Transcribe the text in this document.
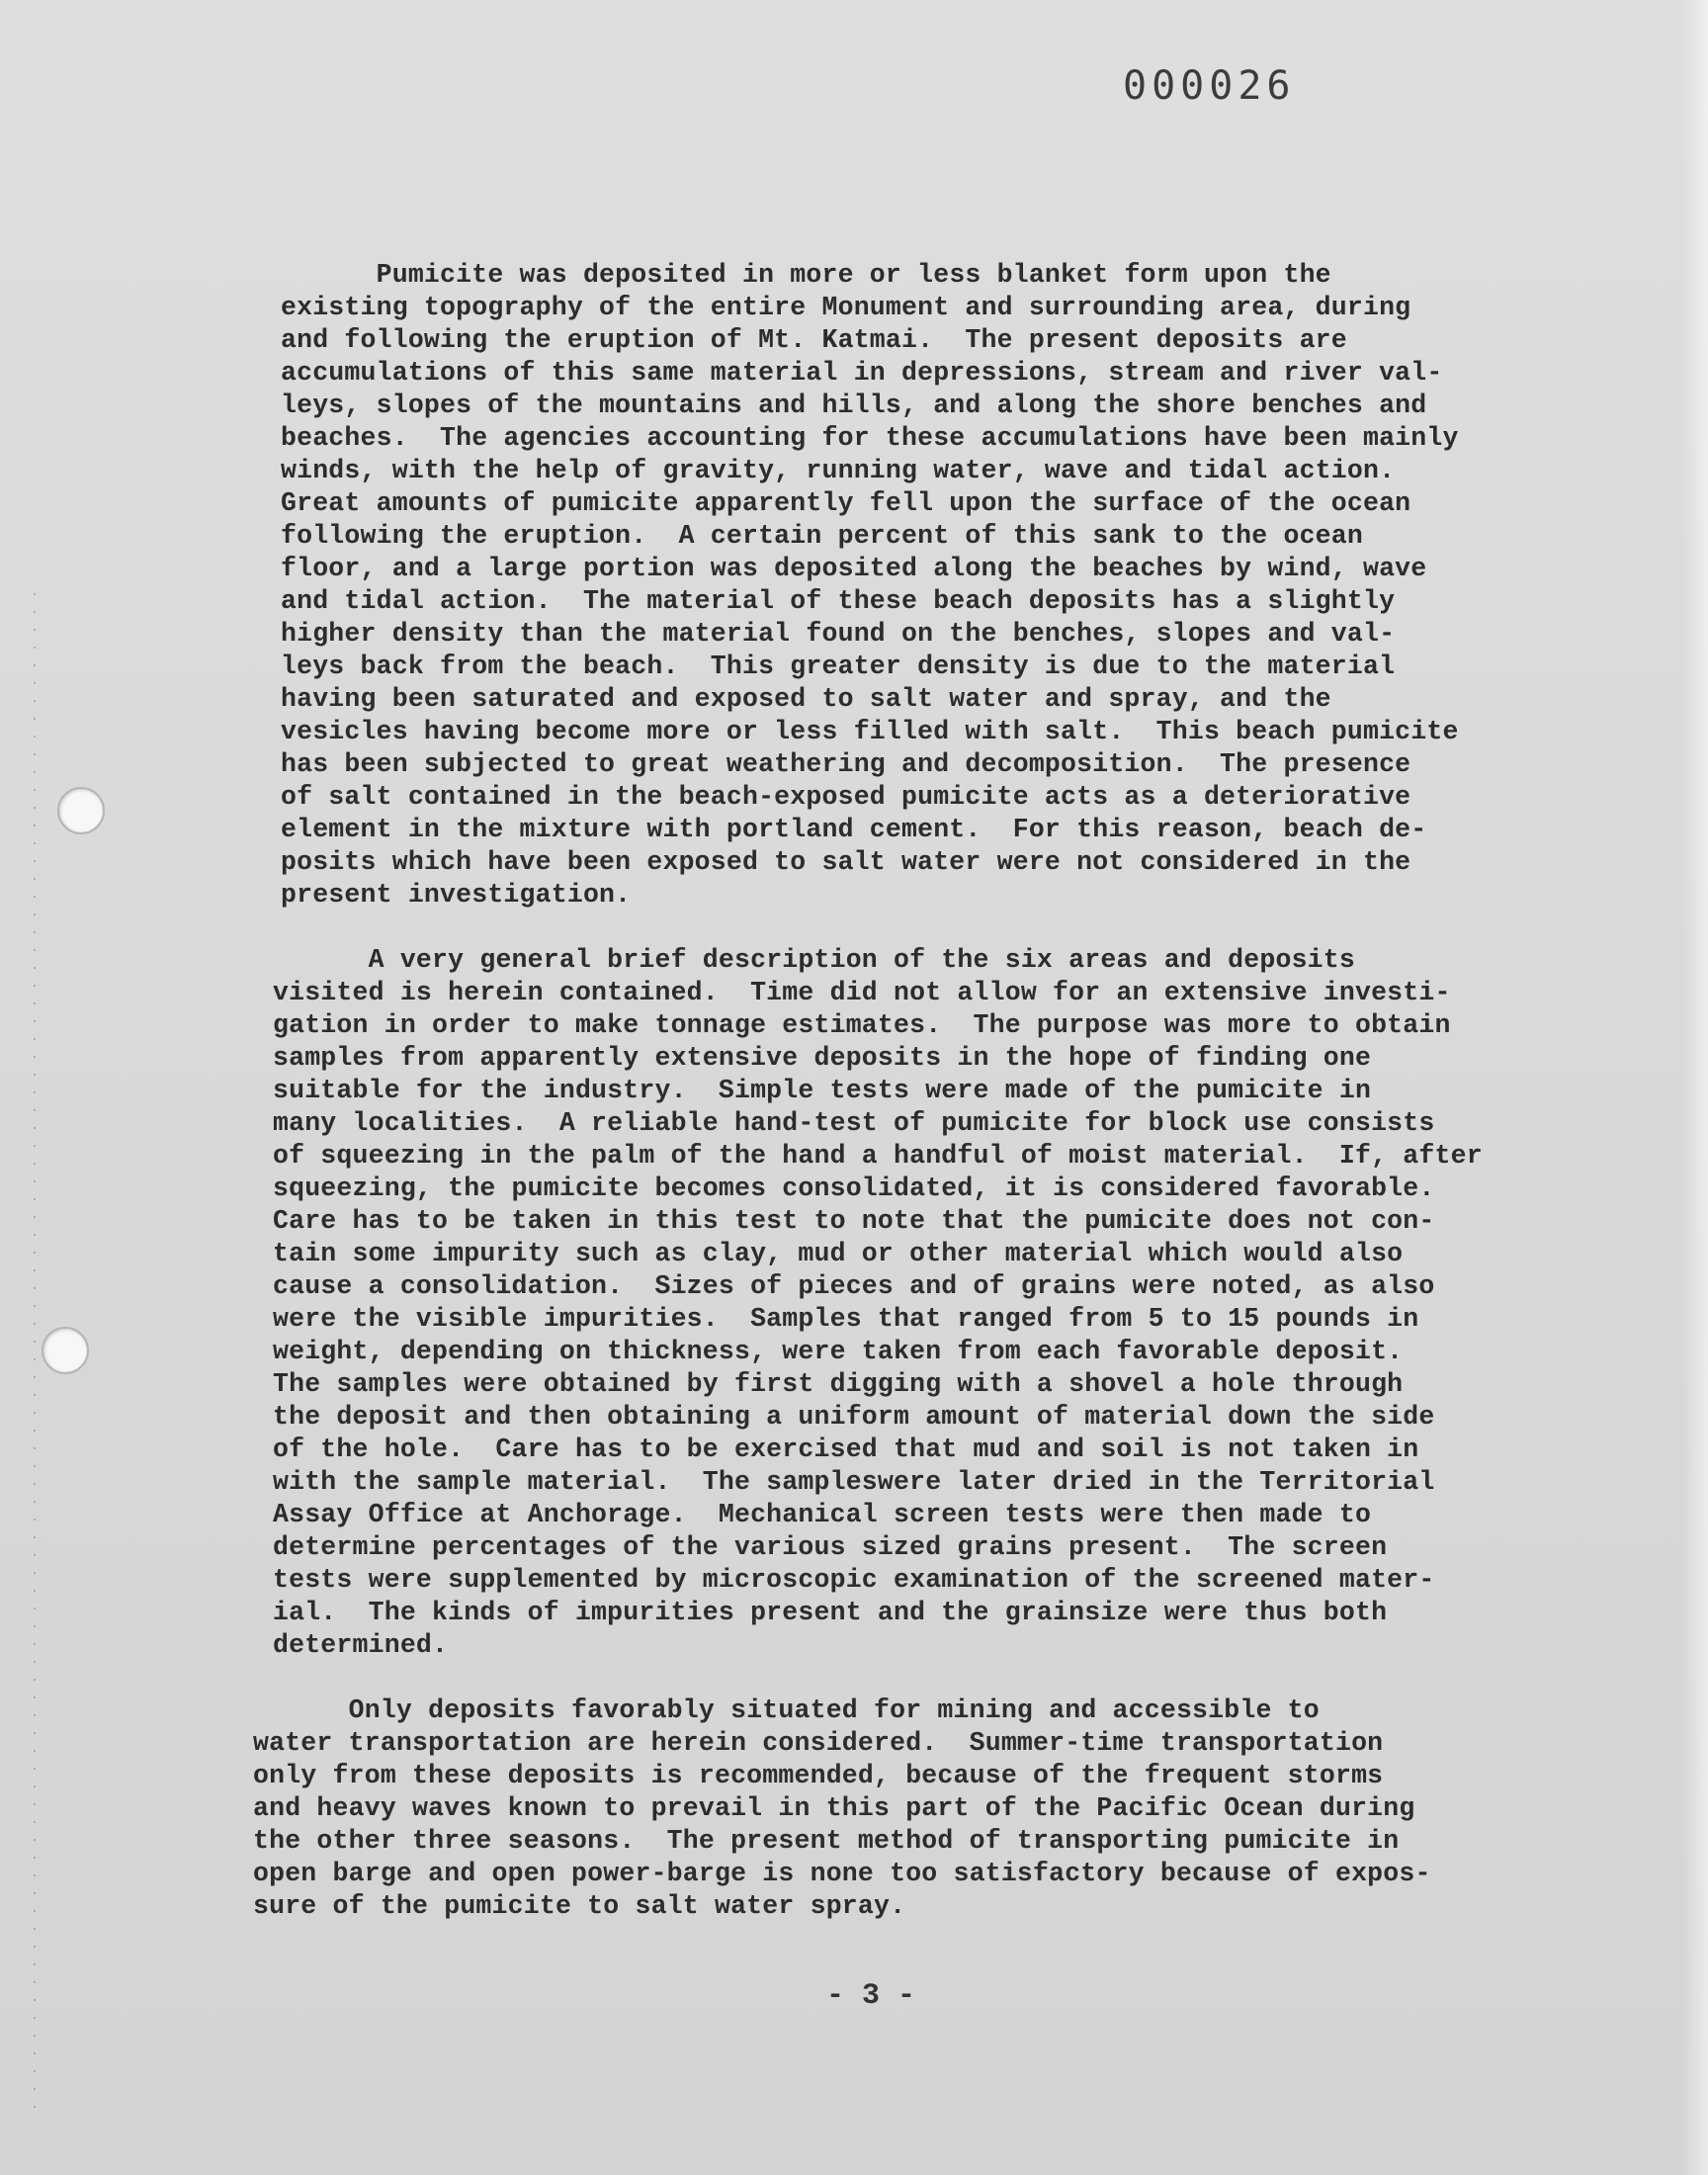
000026

Pumicite was deposited in more or less blanket form upon the
existing topography of the entire Monument and surrounding area, during
and following the eruption of Mt. Katmai.  The present deposits are
accumulations of this same material in depressions, stream and river val-
leys, slopes of the mountains and hills, and along the shore benches and
beaches.  The agencies accounting for these accumulations have been mainly
winds, with the help of gravity, running water, wave and tidal action.
Great amounts of pumicite apparently fell upon the surface of the ocean
following the eruption.  A certain percent of this sank to the ocean
floor, and a large portion was deposited along the beaches by wind, wave
and tidal action.  The material of these beach deposits has a slightly
higher density than the material found on the benches, slopes and val-
leys back from the beach.  This greater density is due to the material
having been saturated and exposed to salt water and spray, and the
vesicles having become more or less filled with salt.  This beach pumicite
has been subjected to great weathering and decomposition.  The presence
of salt contained in the beach-exposed pumicite acts as a deteriorative
element in the mixture with portland cement.  For this reason, beach de-
posits which have been exposed to salt water were not considered in the
present investigation.

A very general brief description of the six areas and deposits
visited is herein contained.  Time did not allow for an extensive investi-
gation in order to make tonnage estimates.  The purpose was more to obtain
samples from apparently extensive deposits in the hope of finding one
suitable for the industry.  Simple tests were made of the pumicite in
many localities.  A reliable hand-test of pumicite for block use consists
of squeezing in the palm of the hand a handful of moist material.  If, after
squeezing, the pumicite becomes consolidated, it is considered favorable.
Care has to be taken in this test to note that the pumicite does not con-
tain some impurity such as clay, mud or other material which would also
cause a consolidation.  Sizes of pieces and of grains were noted, as also
were the visible impurities.  Samples that ranged from 5 to 15 pounds in
weight, depending on thickness, were taken from each favorable deposit.
The samples were obtained by first digging with a shovel a hole through
the deposit and then obtaining a uniform amount of material down the side
of the hole.  Care has to be exercised that mud and soil is not taken in
with the sample material.  The sampleswere later dried in the Territorial
Assay Office at Anchorage.  Mechanical screen tests were then made to
determine percentages of the various sized grains present.  The screen
tests were supplemented by microscopic examination of the screened mater-
ial.  The kinds of impurities present and the grainsize were thus both
determined.

Only deposits favorably situated for mining and accessible to
water transportation are herein considered.  Summer-time transportation
only from these deposits is recommended, because of the frequent storms
and heavy waves known to prevail in this part of the Pacific Ocean during
the other three seasons.  The present method of transporting pumicite in
open barge and open power-barge is none too satisfactory because of expos-
sure of the pumicite to salt water spray.

- 3 -
